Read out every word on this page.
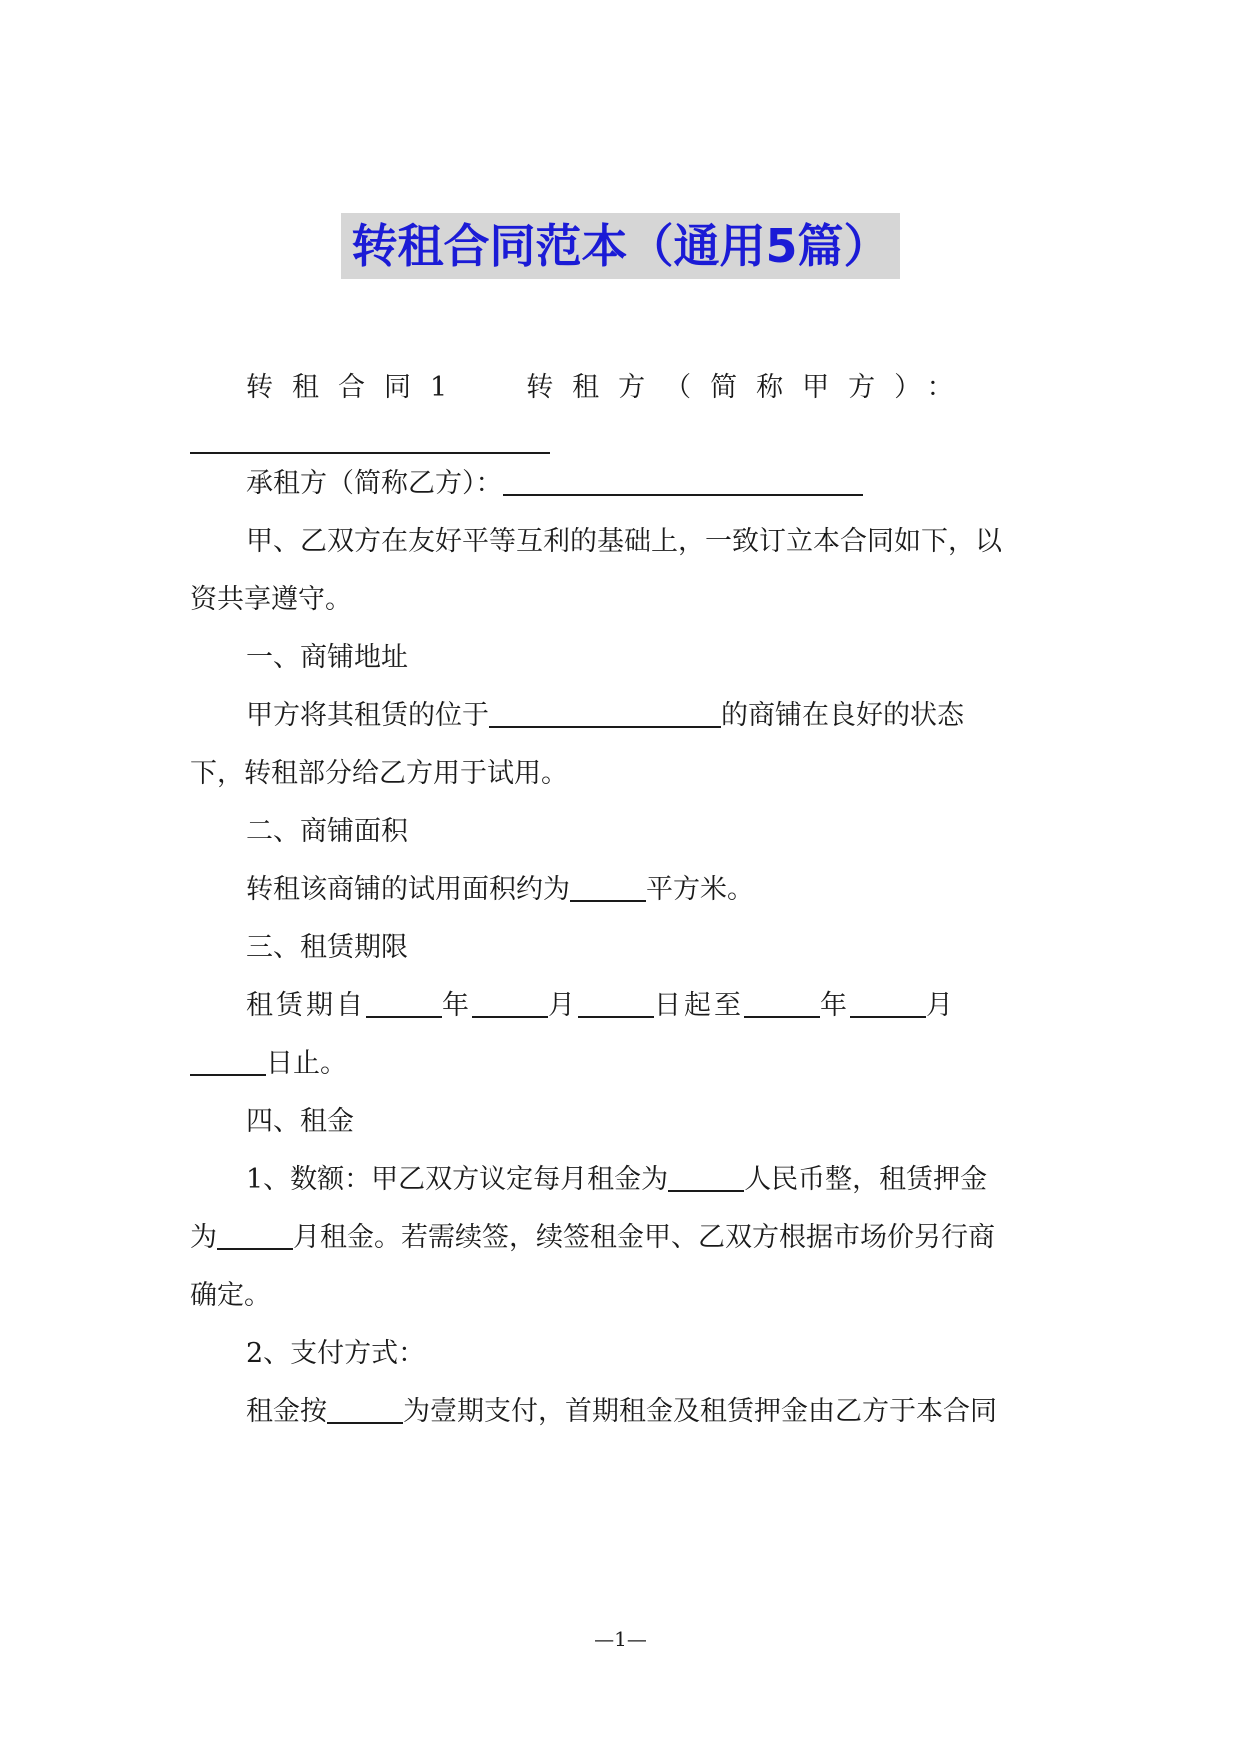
转租合同范本（通用5篇）
转租合同1 转租方（简称甲方）：
承租方（简称乙方）：
甲、乙双方在友好平等互利的基础上，一致订立本合同如下，以
资共享遵守。
一、商铺地址
甲方将其租赁的位于	的商铺在良好的状态
下，转租部分给乙方用于试用。
二、商铺面积
转租该商铺的试用面积约为	平方米。
三、租赁期限
租赁期自	年	月	日起至	年	月
日止。
四、租金
1、数额：甲乙双方议定每月租金为	人民币整，租赁押金
为	月租金。若需续签，续签租金甲、乙双方根据市场价另行商
确定。
2、支付方式：
租金按	为壹期支付，首期租金及租赁押金由乙方于本合同
—1—
